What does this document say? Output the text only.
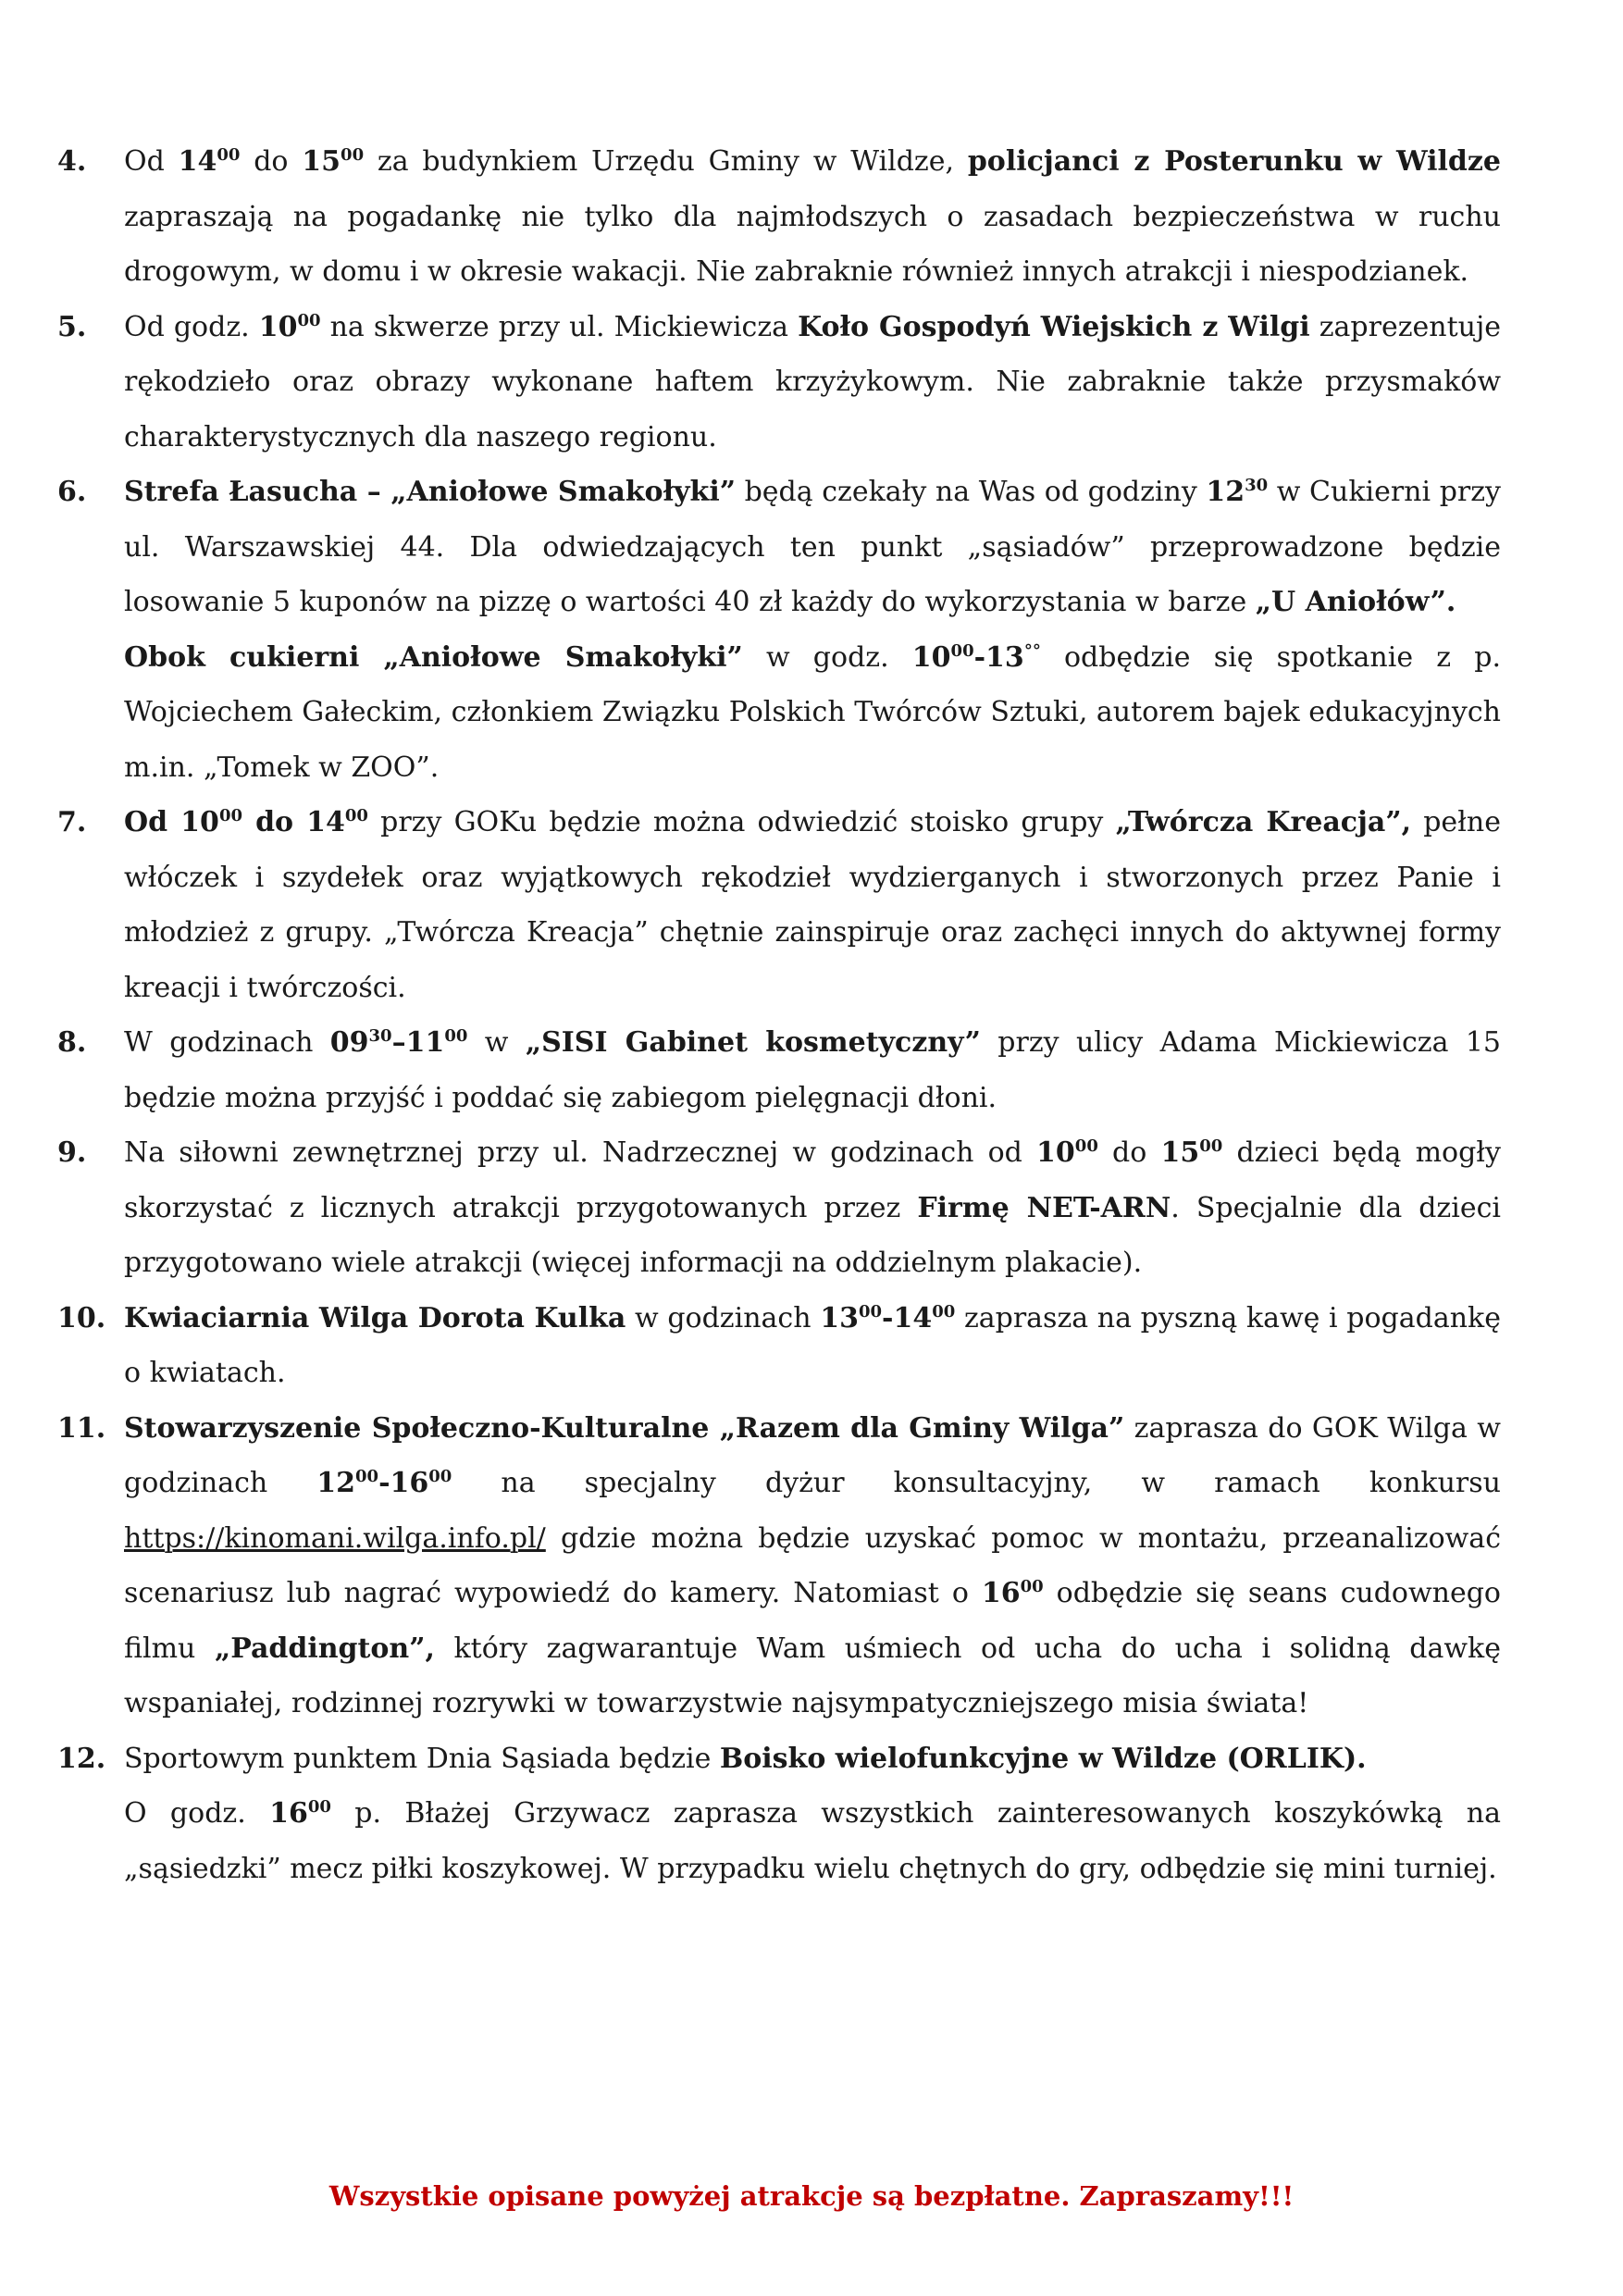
4.	Od $14^{00}$ do $15^{00}$ za budynkiem Urzędu Gminy w Wildze, policjanci z Posterunku w Wildze zapraszają na pogadankę nie tylko dla najmłodszych o zasadach bezpieczeństwa w ruchu drogowym, w domu i w okresie wakacji. Nie zabraknie również innych atrakcji i niespodzianek.

5.	Od godz. $10^{00}$ na skwerze przy ul. Mickiewicza Koło Gospodyń Wiejskich z Wilgi zaprezentuje rękodzieło oraz obrazy wykonane haftem krzyżykowym. Nie zabraknie także przysmaków charakterystycznych dla naszego regionu.

6.	Strefa Łasucha – „Aniołowe Smakołyki” będą czekały na Was od godziny $12^{30}$ w Cukierni przy ul. Warszawskiej 44. Dla odwiedzających ten punkt „sąsiadów” przeprowadzone będzie losowanie 5 kuponów na pizzę o wartości 40 zł każdy do wykorzystania w barze „U Aniołów”.

Obok cukierni „Aniołowe Smakołyki” w godz. $10^{00}-13^{^\circ^\circ}$ odbędzie się spotkanie z p. Wojciechem Gałeckim, członkiem Związku Polskich Twórców Sztuki, autorem bajek edukacyjnych m.in. „Tomek w ZOO”.

7.	Od $10^{00}$ do $14^{00}$ przy GOKu będzie można odwiedzić stoisko grupy „Twórcza Kreacja”, pełne włóczek i szydełek oraz wyjątkowych rękodzieł wydzierganych i stworzonych przez Panie i młodzież z grupy. „Twórcza Kreacja” chętnie zainspiruje oraz zachęci innych do aktywnej formy kreacji i twórczości.

8.	W godzinach $09^{30}-11^{00}$ w „SISI Gabinet kosmetyczny” przy ulicy Adama Mickiewicza 15 będzie można przyjść i poddać się zabiegom pielęgnacji dłoni.

9.	Na siłowni zewnętrznej przy ul. Nadrzecznej w godzinach od $10^{00}$ do $15^{00}$ dzieci będą mogły skorzystać z licznych atrakcji przygotowanych przez Firmę NET-ARN. Specjalnie dla dzieci przygotowano wiele atrakcji (więcej informacji na oddzielnym plakacie).

10. Kwiaciarnia Wilga Dorota Kulka w godzinach $13^{00}-14^{00}$ zaprasza na pyszną kawę i pogadankę o kwiatach.

11. Stowarzyszenie Społeczno-Kulturalne „Razem dla Gminy Wilga” zaprasza do GOK Wilga w godzinach $12^{00}-16^{00}$ na specjalny dyżur konsultacyjny, w ramach konkursu https://kinomani.wilga.info.pl/ gdzie można będzie uzyskać pomoc w montażu, przeanalizować scenariusz lub nagrać wypowiedź do kamery. Natomiast o $16^{00}$ odbędzie się seans cudownego filmu „Paddington”, który zagwarantuje Wam uśmiech od ucha do ucha i solidną dawkę wspaniałej, rodzinnej rozrywki w towarzystwie najsympatyczniejszego misia świata!

12. Sportowym punktem Dnia Sąsiada będzie Boisko wielofunkcyjne w Wildze (ORLIK).

O godz. $16^{00}$ p. Błażej Grzywacz zaprasza wszystkich zainteresowanych koszykówką na „sąsiedzki” mecz piłki koszykowej. W przypadku wielu chętnych do gry, odbędzie się mini turniej.

Wszystkie opisane powyżej atrakcje są bezpłatne. Zapraszamy!!!
